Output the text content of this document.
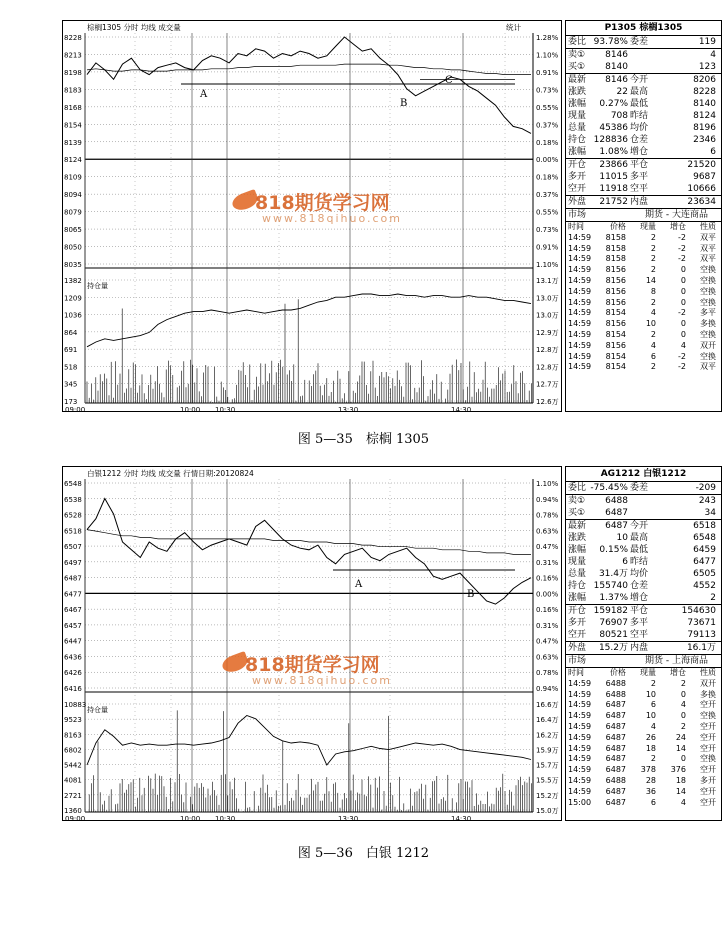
棕榈1305 分时 均线 成交量	统计
8228	1.28%
8213	1.10%
8198	0.91%
8183	0.73%
8168	0.55%
8154	0.37%
8139	0.18%
8124	0.00%
8109	0.18%
8094	0.37%
8079	0.55%
8065	0.73%
8050	0.91%
8035	1.10%
09:00	10:00 10:30	13:30	14:30
1382	13.1万
1209	13.0万
1036	13.0万
864	12.9万
691	12.8万
518	12.8万
345	12.7万
173	12.6万
持仓量
A
B
C
P1305 棕榈1305
委比 93.78% 委差	119
卖①	8146	4
买①	8140	123
最新	8146 今开	8206
涨跌	22 最高	8228
涨幅	0.27% 最低	8140
现量	708 昨结	8124
总量	45386 均价	8196
持仓 128836 仓差	2346
涨幅	1.08% 增仓	6
开仓	23866 平仓	21520
多开	11015 多平	9687
空开	11918 空平	10666
外盘	21752 内盘	23634
市场	期货 - 大连商品
时间	价格	现量	增仓	性质
14:59	8158	2	-2	双平
14:59	8158	2	-2	双平
14:59	8158	2	-2	双平
14:59	8156	2	0	空换
14:59	8156	14	0	空换
14:59	8156	8	0	空换
14:59	8156	2	0	空换
14:59	8154	4	-2	多平
14:59	8156	10	0	多换
14:59	8154	2	0	空换
14:59	8156	4	4	双开
14:59	8154	6	-2	空换
14:59	8154	2	-2	双平
图 5—35　棕榈 1305
白银1212 分时 均线 成交量 行情日期:20120824
6548	1.10%
6538	0.94%
6528	0.78%
6518	0.63%
6507	0.47%
6497	0.31%
6487	0.16%
6477	0.00%
6467	0.16%
6457	0.31%
6447	0.47%
6436	0.63%
6426	0.78%
6416	0.94%
09:00	10:00 10:30	13:30	14:30
10883	16.6万
9523	16.4万
8163	16.2万
6802	15.9万
5442	15.7万
4081	15.5万
2721	15.2万
1360	15.0万
持仓量
A
B
AG1212 白银1212
委比 -75.45% 委差	-209
卖①	6488	243
买①	6487	34
最新	6487 今开	6518
涨跌	10 最高	6548
涨幅	0.15% 最低	6459
现量	6 昨结	6477
总量	31.4万 均价	6505
持仓 155740 仓差	4552
涨幅	1.37% 增仓	2
开仓 159182 平仓	154630
多开	76907 多平	73671
空开	80521 空平	79113
外盘	15.2万 内盘	16.1万
市场	期货 - 上海商品
时间	价格	现量	增仓	性质
14:59	6488	2	2	双开
14:59	6488	10	0	多换
14:59	6487	6	4	空开
14:59	6487	10	0	空换
14:59	6487	4	2	空开
14:59	6487	26	24	空开
14:59	6487	18	14	空开
14:59	6487	2	0	空换
14:59	6487	378	376	空开
14:59	6488	28	18	多开
14:59	6487	36	14	空开
15:00	6487	6	4	空开
图 5—36　白银 1212
818期货学习网
www.818qihuo.com
818期货学习网
www.818qihuo.com
